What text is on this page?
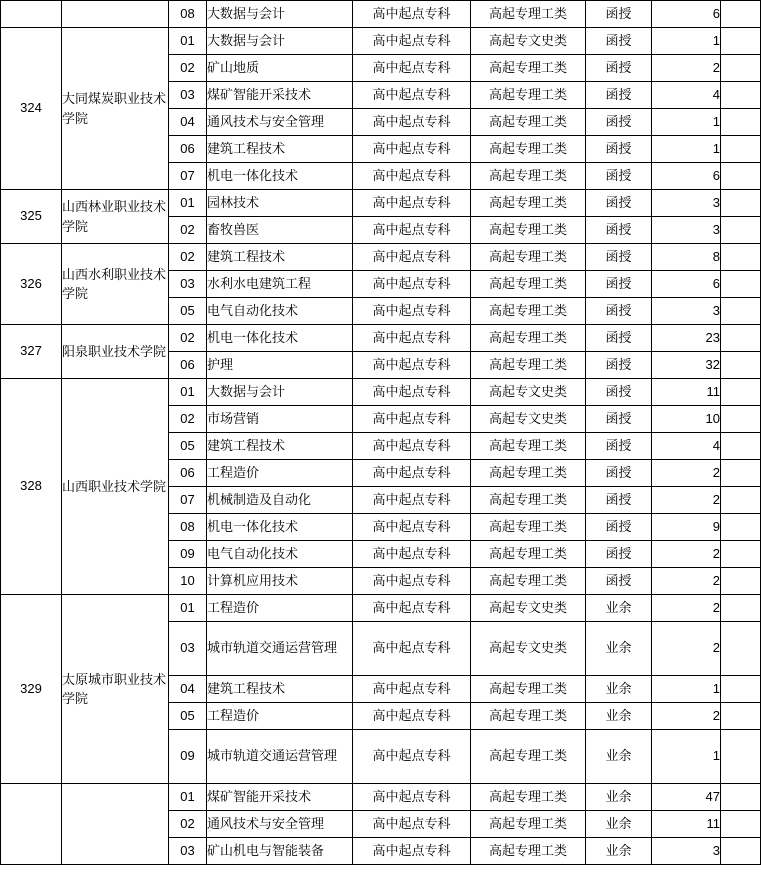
		08	大数据与会计	高中起点专科	高起专理工类	函授	6	
324	大同煤炭职业技术学院	01	大数据与会计	高中起点专科	高起专文史类	函授	1	
		02	矿山地质	高中起点专科	高起专理工类	函授	2	
		03	煤矿智能开采技术	高中起点专科	高起专理工类	函授	4	
		04	通风技术与安全管理	高中起点专科	高起专理工类	函授	1	
		06	建筑工程技术	高中起点专科	高起专理工类	函授	1	
		07	机电一体化技术	高中起点专科	高起专理工类	函授	6	
325	山西林业职业技术学院	01	园林技术	高中起点专科	高起专理工类	函授	3	
		02	畜牧兽医	高中起点专科	高起专理工类	函授	3	
326	山西水利职业技术学院	02	建筑工程技术	高中起点专科	高起专理工类	函授	8	
		03	水利水电建筑工程	高中起点专科	高起专理工类	函授	6	
		05	电气自动化技术	高中起点专科	高起专理工类	函授	3	
327	阳泉职业技术学院	02	机电一体化技术	高中起点专科	高起专理工类	函授	23	
		06	护理	高中起点专科	高起专理工类	函授	32	
328	山西职业技术学院	01	大数据与会计	高中起点专科	高起专文史类	函授	11	
		02	市场营销	高中起点专科	高起专文史类	函授	10	
		05	建筑工程技术	高中起点专科	高起专理工类	函授	4	
		06	工程造价	高中起点专科	高起专理工类	函授	2	
		07	机械制造及自动化	高中起点专科	高起专理工类	函授	2	
		08	机电一体化技术	高中起点专科	高起专理工类	函授	9	
		09	电气自动化技术	高中起点专科	高起专理工类	函授	2	
		10	计算机应用技术	高中起点专科	高起专理工类	函授	2	
329	太原城市职业技术学院	01	工程造价	高中起点专科	高起专文史类	业余	2	
		03	城市轨道交通运营管理	高中起点专科	高起专文史类	业余	2	
		04	建筑工程技术	高中起点专科	高起专理工类	业余	1	
		05	工程造价	高中起点专科	高起专理工类	业余	2	
		09	城市轨道交通运营管理	高中起点专科	高起专理工类	业余	1	
		01	煤矿智能开采技术	高中起点专科	高起专理工类	业余	47	
		02	通风技术与安全管理	高中起点专科	高起专理工类	业余	11	
		03	矿山机电与智能装备	高中起点专科	高起专理工类	业余	3	
